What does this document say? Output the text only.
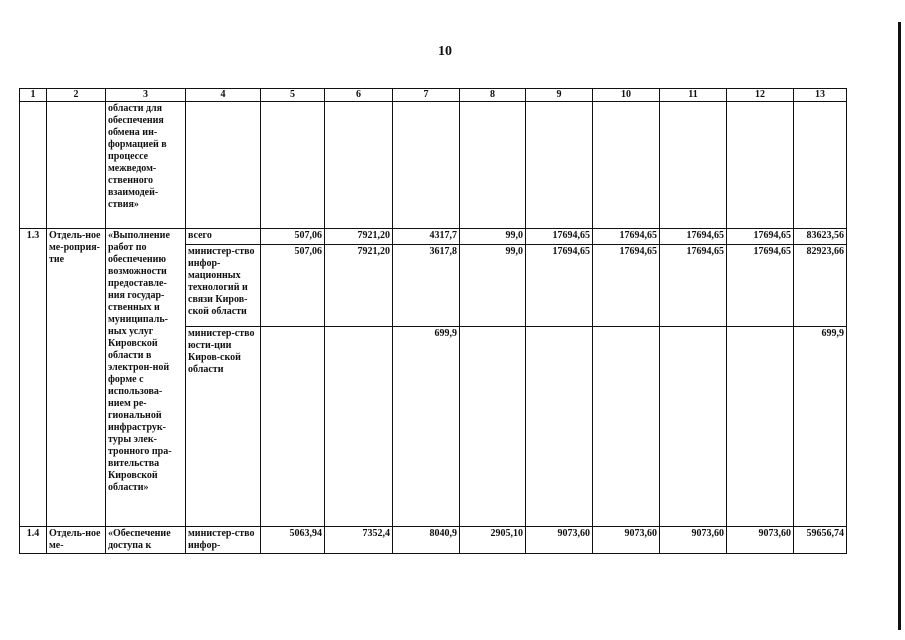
10
1	2	3	4	5	6	7	8	9	10	11	12	13
		области для обеспечения обмена ин-формацией в процессе межведом-ственного взаимодей-ствия»										
1.3	Отдель-ное ме-роприя-тие	«Выполнение работ по обеспечению возможности предоставле-ния государ-ственных и муниципаль-ных услуг Кировской области в электрон-ной форме с использова-нием ре-гиональной инфраструк-туры элек-тронного пра-вительства Кировской области»	всего	507,06	7921,20	4317,7	99,0	17694,65	17694,65	17694,65	17694,65	83623,56
			министер-ство инфор-мационных технологий и связи Киров-ской области	507,06	7921,20	3617,8	99,0	17694,65	17694,65	17694,65	17694,65	82923,66
			министер-ство юсти-ции Киров-ской области			699,9						699,9
1.4	Отдель-ное ме-	«Обеспечение доступа к	министер-ство инфор-	5063,94	7352,4	8040,9	2905,10	9073,60	9073,60	9073,60	9073,60	59656,74
